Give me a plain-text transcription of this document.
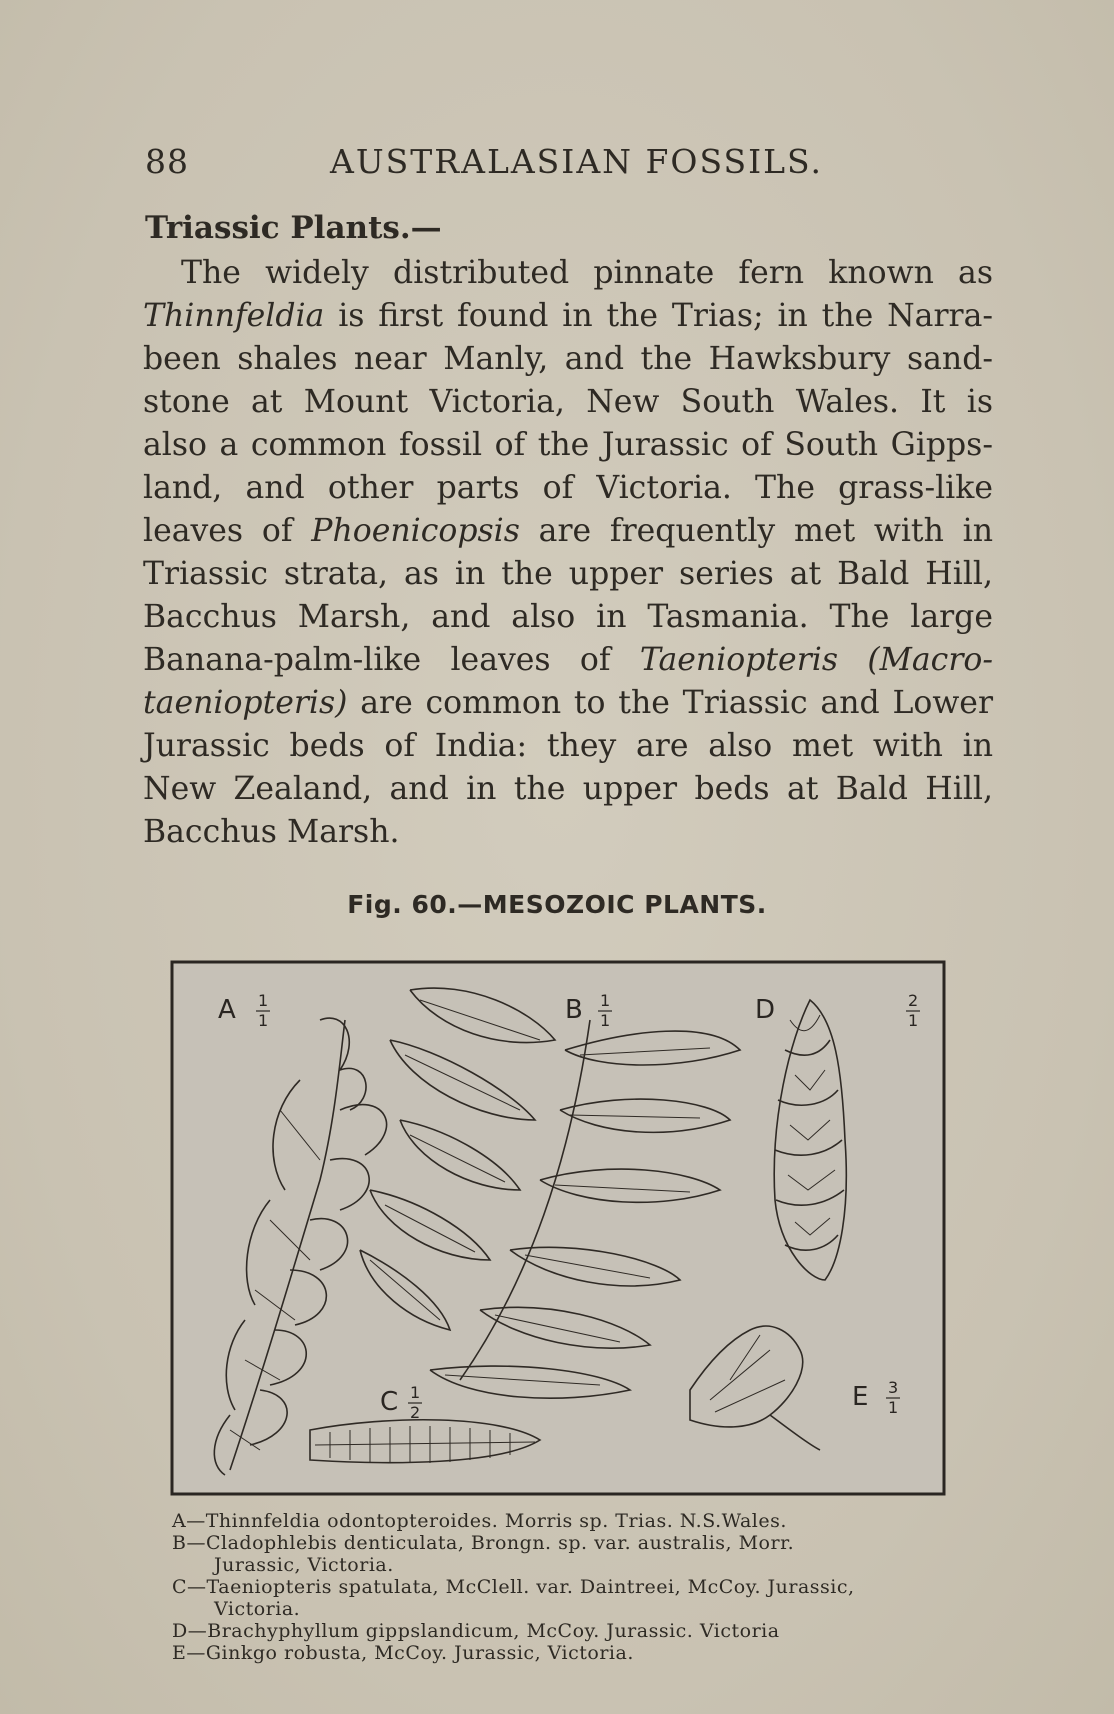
88	AUSTRALASIAN FOSSILS.
Triassic Plants.—
The widely distributed pinnate fern known as
Thinnfeldia is first found in the Trias; in the Narra-
been shales near Manly, and the Hawksbury sand-
stone at Mount Victoria, New South Wales. It is
also a common fossil of the Jurassic of South Gipps-
land, and other parts of Victoria. The grass-like
leaves of Phoenicopsis are frequently met with in
Triassic strata, as in the upper series at Bald Hill,
Bacchus Marsh, and also in Tasmania. The large
Banana-palm-like leaves of Taeniopteris (Macro-
taeniopteris) are common to the Triassic and Lower
Jurassic beds of India: they are also met with in
New Zealand, and in the upper beds at Bald Hill,
Bacchus Marsh.
Fig. 60.—MESOZOIC PLANTS.
A 1
1	B 1
1	D	2
1
C 1
2
E 3
1
A—Thinnfeldia odontopteroides. Morris sp. Trias. N.S.Wales.
B—Cladophlebis denticulata, Brongn. sp. var. australis, Morr.
Jurassic, Victoria.
C—Taeniopteris spatulata, McClell. var. Daintreei, McCoy. Jurassic,
Victoria.
D—Brachyphyllum gippslandicum, McCoy. Jurassic. Victoria
E—Ginkgo robusta, McCoy. Jurassic, Victoria.
